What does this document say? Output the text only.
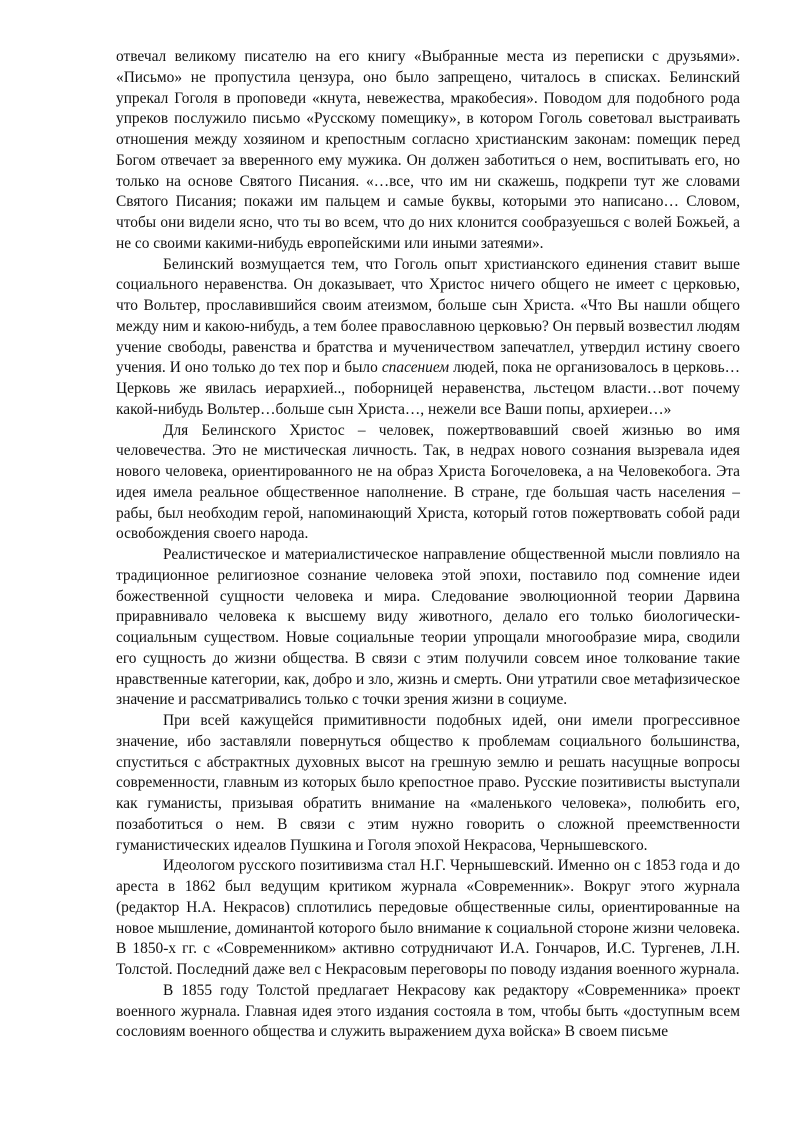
отвечал великому писателю на его книгу «Выбранные места из переписки с друзьями». «Письмо» не пропустила цензура, оно было запрещено, читалось в списках. Белинский упрекал Гоголя в проповеди «кнута, невежества, мракобесия». Поводом для подобного рода упреков послужило письмо «Русскому помещику», в котором Гоголь советовал выстраивать отношения между хозяином и крепостным согласно христианским законам: помещик перед Богом отвечает за вверенного ему мужика. Он должен заботиться о нем, воспитывать его, но только на основе Святого Писания. «…все, что им ни скажешь, подкрепи тут же словами Святого Писания; покажи им пальцем и самые буквы, которыми это написано… Словом, чтобы они видели ясно, что ты во всем, что до них клонится сообразуешься с волей Божьей, а не со своими какими-нибудь европейскими или иными затеями».

Белинский возмущается тем, что Гоголь опыт христианского единения ставит выше социального неравенства. Он доказывает, что Христос ничего общего не имеет с церковью, что Вольтер, прославившийся своим атеизмом, больше сын Христа. «Что Вы нашли общего между ним и какою-нибудь, а тем более православною церковью? Он первый возвестил людям учение свободы, равенства и братства и мученичеством запечатлел, утвердил истину своего учения. И оно только до тех пор и было спасением людей, пока не организовалось в церковь…Церковь же явилась иерархией.., поборницей неравенства, льстецом власти…вот почему какой-нибудь Вольтер…больше сын Христа…, нежели все Ваши попы, архиереи…»

Для Белинского Христос – человек, пожертвовавший своей жизнью во имя человечества. Это не мистическая личность. Так, в недрах нового сознания вызревала идея нового человека, ориентированного не на образ Христа Богочеловека, а на Человекобога. Эта идея имела реальное общественное наполнение. В стране, где большая часть населения – рабы, был необходим герой, напоминающий Христа, который готов пожертвовать собой ради освобождения своего народа.

Реалистическое и материалистическое направление общественной мысли повлияло на традиционное религиозное сознание человека этой эпохи, поставило под сомнение идеи божественной сущности человека и мира. Следование эволюционной теории Дарвина приравнивало человека к высшему виду животного, делало его только биологически-социальным существом. Новые социальные теории упрощали многообразие мира, сводили его сущность до жизни общества. В связи с этим получили совсем иное толкование такие нравственные категории, как, добро и зло, жизнь и смерть. Они утратили свое метафизическое значение и рассматривались только с точки зрения жизни в социуме.

При всей кажущейся примитивности подобных идей, они имели прогрессивное значение, ибо заставляли повернуться общество к проблемам социального большинства, спуститься с абстрактных духовных высот на грешную землю и решать насущные вопросы современности, главным из которых было крепостное право. Русские позитивисты выступали как гуманисты, призывая обратить внимание на «маленького человека», полюбить его, позаботиться о нем. В связи с этим нужно говорить о сложной преемственности гуманистических идеалов Пушкина и Гоголя эпохой Некрасова, Чернышевского.

Идеологом русского позитивизма стал Н.Г. Чернышевский. Именно он с 1853 года и до ареста в 1862 был ведущим критиком журнала «Современник». Вокруг этого журнала (редактор Н.А. Некрасов) сплотились передовые общественные силы, ориентированные на новое мышление, доминантой которого было внимание к социальной стороне жизни человека. В 1850-х гг. с «Современником» активно сотрудничают И.А. Гончаров, И.С. Тургенев, Л.Н. Толстой. Последний даже вел с Некрасовым переговоры по поводу издания военного журнала.

В 1855 году Толстой предлагает Некрасову как редактору «Современника» проект военного журнала. Главная идея этого издания состояла в том, чтобы быть «доступным всем сословиям военного общества и служить выражением духа войска» В своем письме
